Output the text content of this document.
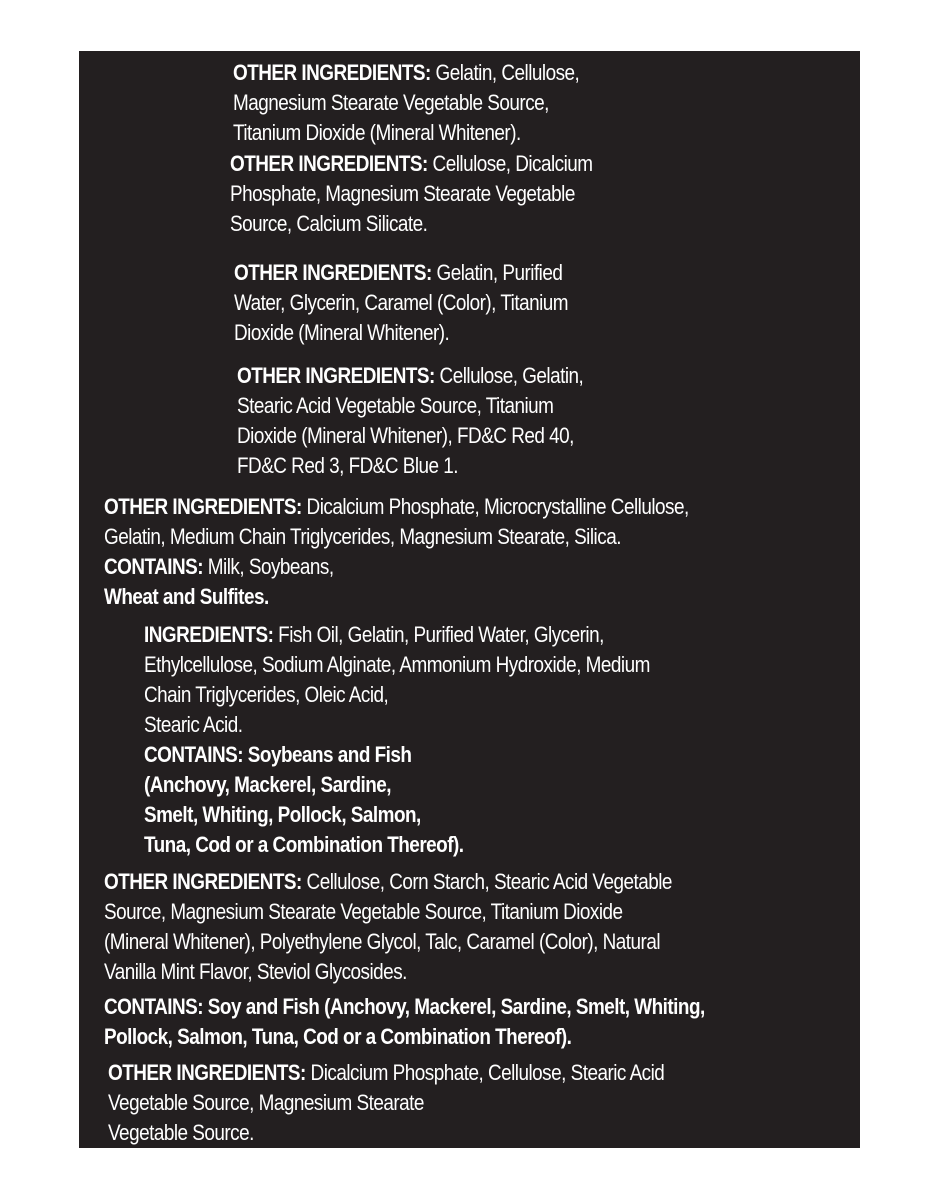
OTHER INGREDIENTS: Gelatin, Cellulose,
Magnesium Stearate Vegetable Source,
Titanium Dioxide (Mineral Whitener).
OTHER INGREDIENTS: Cellulose, Dicalcium
Phosphate, Magnesium Stearate Vegetable
Source, Calcium Silicate.
OTHER INGREDIENTS: Gelatin, Purified
Water, Glycerin, Caramel (Color), Titanium
Dioxide (Mineral Whitener).
OTHER INGREDIENTS: Cellulose, Gelatin,
Stearic Acid Vegetable Source, Titanium
Dioxide (Mineral Whitener), FD&C Red 40,
FD&C Red 3, FD&C Blue 1.
OTHER INGREDIENTS: Dicalcium Phosphate, Microcrystalline Cellulose,
Gelatin, Medium Chain Triglycerides, Magnesium Stearate, Silica.
CONTAINS: Milk, Soybeans,
Wheat and Sulfites.
INGREDIENTS: Fish Oil, Gelatin, Purified Water, Glycerin,
Ethylcellulose, Sodium Alginate, Ammonium Hydroxide, Medium
Chain Triglycerides, Oleic Acid,
Stearic Acid.
CONTAINS: Soybeans and Fish
(Anchovy, Mackerel, Sardine,
Smelt, Whiting, Pollock, Salmon,
Tuna, Cod or a Combination Thereof).
OTHER INGREDIENTS: Cellulose, Corn Starch, Stearic Acid Vegetable
Source, Magnesium Stearate Vegetable Source, Titanium Dioxide
(Mineral Whitener), Polyethylene Glycol, Talc, Caramel (Color), Natural
Vanilla Mint Flavor, Steviol Glycosides.
CONTAINS: Soy and Fish (Anchovy, Mackerel, Sardine, Smelt, Whiting,
Pollock, Salmon, Tuna, Cod or a Combination Thereof).
OTHER INGREDIENTS: Dicalcium Phosphate, Cellulose, Stearic Acid
Vegetable Source, Magnesium Stearate
Vegetable Source.
